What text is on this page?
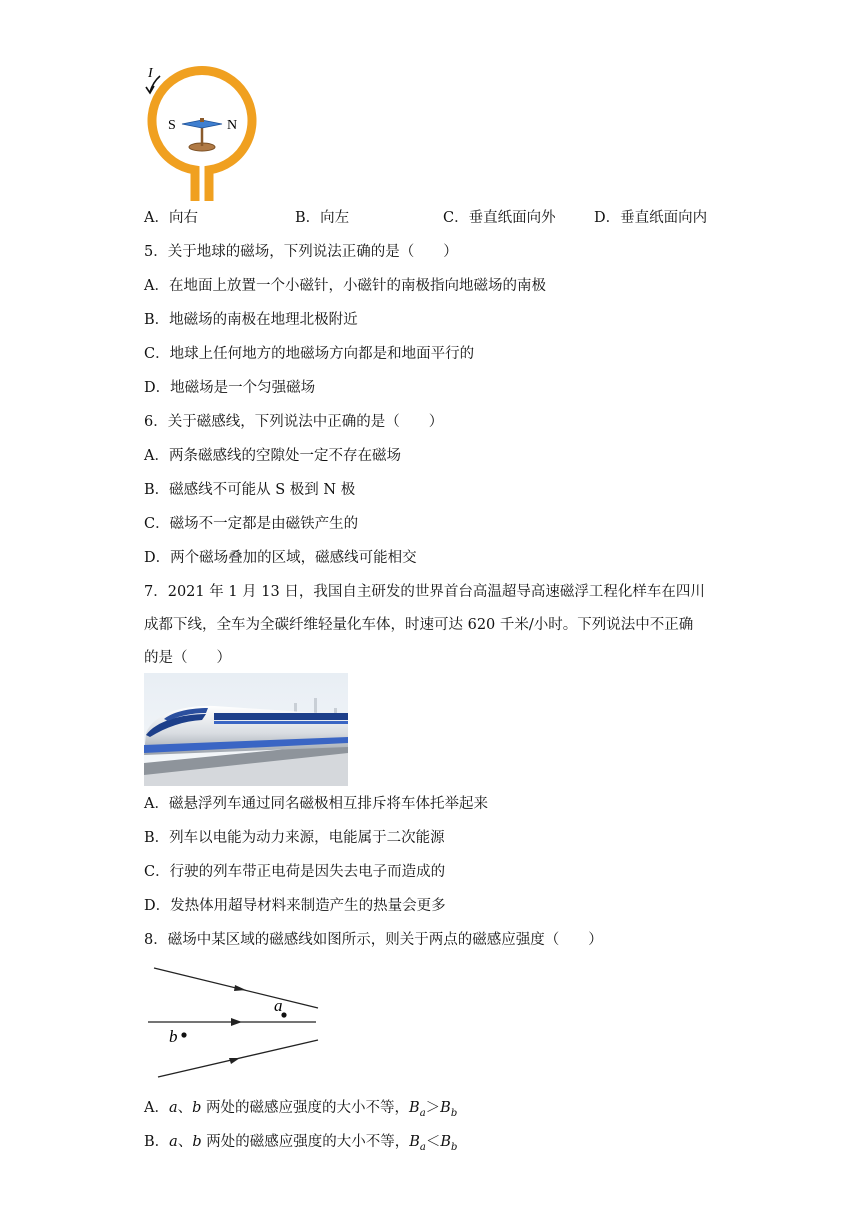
I
S	N
A．向右	B．向左	C．垂直纸面向外	D．垂直纸面向内
5．关于地球的磁场，下列说法正确的是（　　）
A．在地面上放置一个小磁针，小磁针的南极指向地磁场的南极
B．地磁场的南极在地理北极附近
C．地球上任何地方的地磁场方向都是和地面平行的
D．地磁场是一个匀强磁场
6．关于磁感线，下列说法中正确的是（　　）
A．两条磁感线的空隙处一定不存在磁场
B．磁感线不可能从 S 极到 N 极
C．磁场不一定都是由磁铁产生的
D．两个磁场叠加的区域，磁感线可能相交
7．2021 年 1 月 13 日，我国自主研发的世界首台高温超导高速磁浮工程化样车在四川
成都下线，全车为全碳纤维轻量化车体，时速可达 620 千米/小时。下列说法中不正确
的是（　　）
A．磁悬浮列车通过同名磁极相互排斥将车体托举起来
B．列车以电能为动力来源，电能属于二次能源
C．行驶的列车带正电荷是因失去电子而造成的
D．发热体用超导材料来制造产生的热量会更多
8．磁场中某区域的磁感线如图所示，则关于两点的磁感应强度（　　）
a
b
A．a、b 两处的磁感应强度的大小不等，$B_a>B_b$
B．a、b 两处的磁感应强度的大小不等，$B_a<B_b$
